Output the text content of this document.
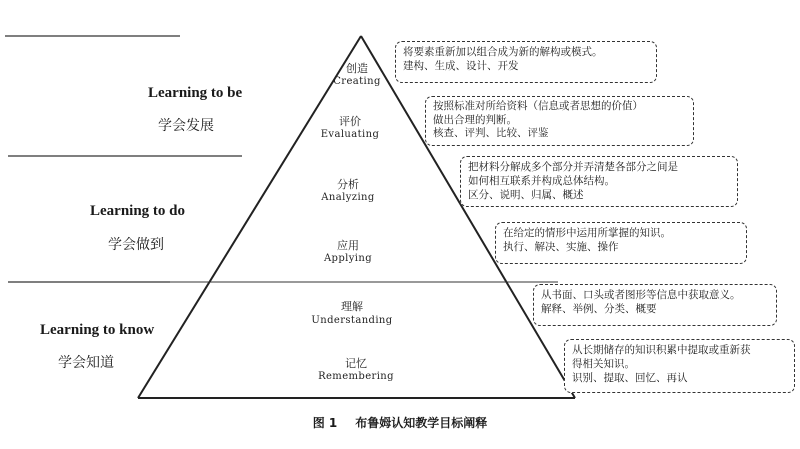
Learning to be
学会发展
Learning to do
学会做到
Learning to know
学会知道
创造
Creating
评价
Evaluating
分析
Analyzing
应用
Applying
理解
Understanding
记忆
Remembering
将要素重新加以组合成为新的解构或模式。
建构、生成、设计、开发
按照标准对所给资料（信息或者思想的价值）
做出合理的判断。
核查、评判、比较、评鉴
把材料分解成多个部分并弄清楚各部分之间是
如何相互联系并构成总体结构。
区分、说明、归属、概述
在给定的情形中运用所掌握的知识。
执行、解决、实施、操作
从书面、口头或者图形等信息中获取意义。
解释、举例、分类、概要
从长期储存的知识积累中提取或重新获
得相关知识。
识别、提取、回忆、再认
图 1 布鲁姆认知教学目标阐释
